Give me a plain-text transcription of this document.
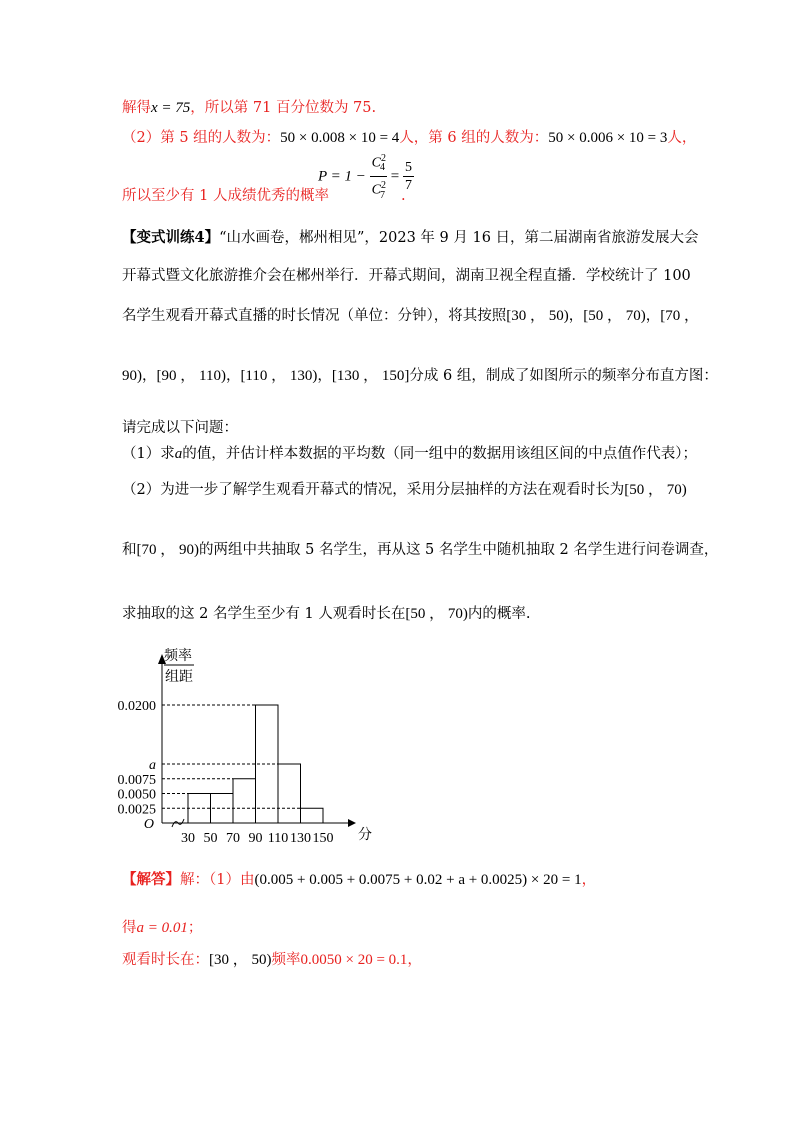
解得x = 75，所以第 71 百分位数为 75.
（2）第 5 组的人数为：50 × 0.008 × 10 = 4人，第 6 组的人数为：50 × 0.006 × 10 = 3人，
$P = 1 - \frac{C^2_4}{C^2_7} = \frac{5}{7}$
所以至少有 1 人成绩优秀的概率	.
【变式训练4】“山水画卷，郴州相见”，2023 年 9 月 16 日，第二届湖南省旅游发展大会
开幕式暨文化旅游推介会在郴州举行．开幕式期间，湖南卫视全程直播．学校统计了 100
名学生观看开幕式直播的时长情况（单位：分钟），将其按照[30 ， 50)，[50 ， 70)，[70 ，
90)，[90 ， 110)，[110 ， 130)，[130 ， 150]分成 6 组，制成了如图所示的频率分布直方图：
请完成以下问题：
（1）求a的值，并估计样本数据的平均数（同一组中的数据用该组区间的中点值作代表）；
（2）为进一步了解学生观看开幕式的情况，采用分层抽样的方法在观看时长为[50 ， 70)
和[70 ， 90)的两组中共抽取 5 名学生，再从这 5 名学生中随机抽取 2 名学生进行问卷调查，
求抽取的这 2 名学生至少有 1 人观看时长在[50 ， 70)内的概率.
频率
组距
0.0200
a
0.0075
0.0050
0.0025
O
30 50 70 90 110 130 150 分
【解答】解：（1）由(0.005 + 0.005 + 0.0075 + 0.02 + a + 0.0025) × 20 = 1，
得a = 0.01；
观看时长在：[30 ， 50)频率0.0050 × 20 = 0.1，
